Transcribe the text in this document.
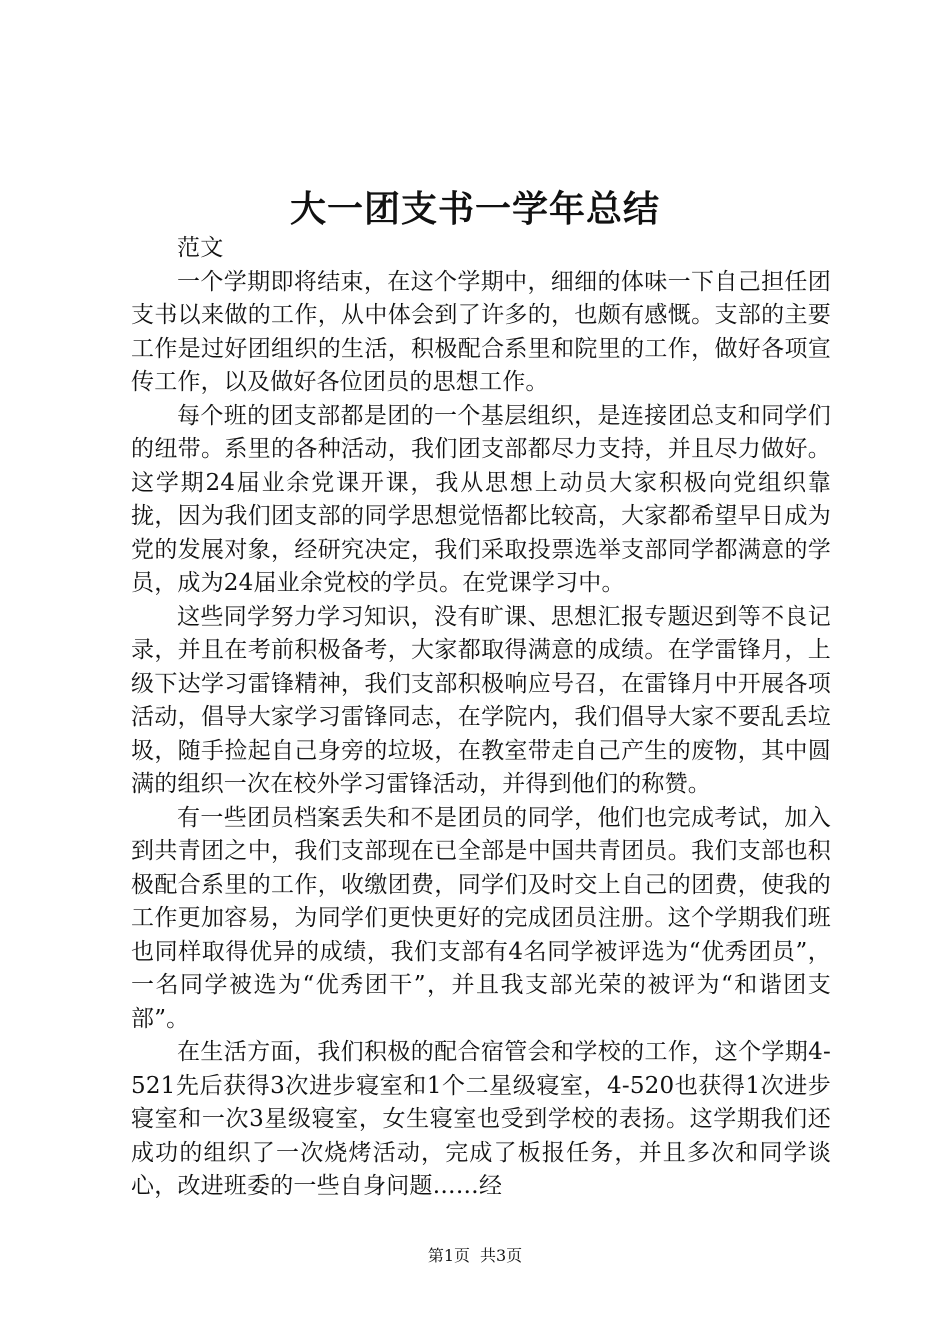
大一团支书一学年总结

范文

一个学期即将结束，在这个学期中，细细的体味一下自己担任团支书以来做的工作，从中体会到了许多的，也颇有感慨。支部的主要工作是过好团组织的生活，积极配合系里和院里的工作，做好各项宣传工作，以及做好各位团员的思想工作。

每个班的团支部都是团的一个基层组织，是连接团总支和同学们的纽带。系里的各种活动，我们团支部都尽力支持，并且尽力做好。这学期24届业余党课开课，我从思想上动员大家积极向党组织靠拢，因为我们团支部的同学思想觉悟都比较高，大家都希望早日成为党的发展对象，经研究决定，我们采取投票选举支部同学都满意的学员，成为24届业余党校的学员。在党课学习中。

这些同学努力学习知识，没有旷课、思想汇报专题迟到等不良记录，并且在考前积极备考，大家都取得满意的成绩。在学雷锋月，上级下达学习雷锋精神，我们支部积极响应号召，在雷锋月中开展各项活动，倡导大家学习雷锋同志，在学院内，我们倡导大家不要乱丢垃圾，随手捡起自己身旁的垃圾，在教室带走自己产生的废物，其中圆满的组织一次在校外学习雷锋活动，并得到他们的称赞。

有一些团员档案丢失和不是团员的同学，他们也完成考试，加入到共青团之中，我们支部现在已全部是中国共青团员。我们支部也积极配合系里的工作，收缴团费，同学们及时交上自己的团费，使我的工作更加容易，为同学们更快更好的完成团员注册。这个学期我们班也同样取得优异的成绩，我们支部有4名同学被评选为“优秀团员”，一名同学被选为“优秀团干”，并且我支部光荣的被评为“和谐团支部”。

在生活方面，我们积极的配合宿管会和学校的工作，这个学期4-521先后获得3次进步寝室和1个二星级寝室，4-520也获得1次进步寝室和一次3星级寝室，女生寝室也受到学校的表扬。这学期我们还成功的组织了一次烧烤活动，完成了板报任务，并且多次和同学谈心，改进班委的一些自身问题……经

第1页 共3页
